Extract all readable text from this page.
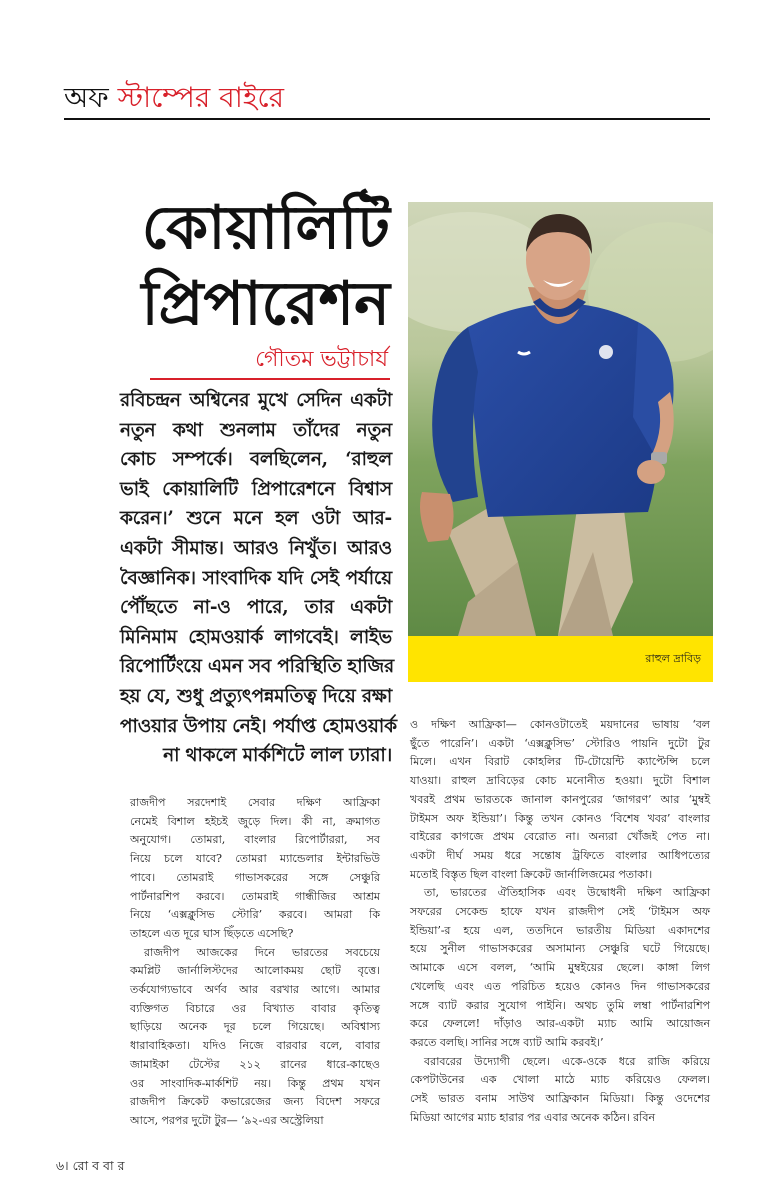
অফ স্টাম্পের বাইরে
কোয়ালিটি
প্রিপারেশন
গৌতম ভট্টাচার্য
রবিচন্দ্রন অশ্বিনের মুখে সেদিন একটা
নতুন কথা শুনলাম তাঁদের নতুন
কোচ সম্পর্কে। বলছিলেন, ‘রাহুল
ভাই কোয়ালিটি প্রিপারেশনে বিশ্বাস
করেন।’ শুনে মনে হল ওটা আর-
একটা সীমান্ত। আরও নিখুঁত। আরও
বৈজ্ঞানিক। সাংবাদিক যদি সেই পর্যায়ে
পৌঁছতে না-ও পারে, তার একটা
মিনিমাম হোমওয়ার্ক লাগবেই। লাইভ
রিপোর্টিংয়ে এমন সব পরিস্থিতি হাজির
হয় যে, শুধু প্রত্যুৎপন্নমতিত্ব দিয়ে রক্ষা
পাওয়ার উপায় নেই। পর্যাপ্ত হোমওয়ার্ক
না থাকলে মার্কশিটে লাল ঢ্যারা।
রাহুল দ্রাবিড়
রাজদীপ সরদেশাই সেবার দক্ষিণ আফ্রিকা
নেমেই বিশাল হইচই জুড়ে দিল। কী না, ক্রমাগত
অনুযোগ। তোমরা, বাংলার রিপোর্টাররা, সব
নিয়ে চলে যাবে? তোমরা ম্যান্ডেলার ইন্টারভিউ
পাবে। তোমরাই গাভাসকরের সঙ্গে সেঞ্চুরি
পার্টনারশিপ করবে। তোমরাই গান্ধীজির আশ্রম
নিয়ে ‘এক্সক্লুসিভ স্টোরি’ করবে। আমরা কি
তাহলে এত দূরে ঘাস ছিঁড়তে এসেছি?
রাজদীপ আজকের দিনে ভারতের সবচেয়ে
কমপ্লিট জার্নালিস্টদের আলোকময় ছোট বৃত্তে।
তর্কযোগ্যভাবে অর্ণব আর বরখার আগে। আমার
ব্যক্তিগত বিচারে ওর বিখ্যাত বাবার কৃতিত্ব
ছাড়িয়ে অনেক দূর চলে গিয়েছে। অবিশ্বাস্য
ধারাবাহিকতা। যদিও নিজে বারবার বলে, বাবার
জামাইকা টেস্টের ২১২ রানের ধারে-কাছেও
ওর সাংবাদিক-মার্কশিট নয়। কিন্তু প্রথম যখন
রাজদীপ ক্রিকেট কভারেজের জন্য বিদেশ সফরে
আসে, পরপর দুটো টুর— ‘৯২-এর অস্ট্রেলিয়া
ও দক্ষিণ আফ্রিকা— কোনওটাতেই ময়দানের ভাষায় ‘বল
ছুঁতে পারেনি’। একটা ‘এক্সক্লুসিভ’ স্টোরিও পায়নি দুটো টুর
মিলে। এখন বিরাট কোহলির টি-টোয়েন্টি ক্যাপ্টেন্সি চলে
যাওয়া। রাহুল দ্রাবিড়ের কোচ মনোনীত হওয়া। দুটো বিশাল
খবরই প্রথম ভারতকে জানাল কানপুরের ‘জাগরণ’ আর ‘মুম্বই
টাইমস অফ ইন্ডিয়া’। কিন্তু তখন কোনও ‘বিশেষ খবর’ বাংলার
বাইরের কাগজে প্রথম বেরোত না। অন্যরা খোঁজই পেত না।
একটা দীর্ঘ সময় ধরে সন্তোষ ট্রফিতে বাংলার আধিপত্যের
মতোই বিস্তৃত ছিল বাংলা ক্রিকেট জার্নালিজমের পতাকা।
তা, ভারতের ঐতিহাসিক এবং উদ্বোধনী দক্ষিণ আফ্রিকা
সফরের সেকেন্ড হাফে যখন রাজদীপ সেই ‘টাইমস অফ
ইন্ডিয়া’-র হয়ে এল, ততদিনে ভারতীয় মিডিয়া একাদশের
হয়ে সুনীল গাভাসকরের অসামান্য সেঞ্চুরি ঘটে গিয়েছে।
আমাকে এসে বলল, ‘আমি মুম্বইয়ের ছেলে। কাঙ্গা লিগ
খেলেছি এবং এত পরিচিত হয়েও কোনও দিন গাভাসকরের
সঙ্গে ব্যাট করার সুযোগ পাইনি। অথচ তুমি লম্বা পার্টনারশিপ
করে ফেললে! দাঁড়াও আর-একটা ম্যাচ আমি আয়োজন
করতে বলছি। সানির সঙ্গে ব্যাট আমি করবই।’
বরাবরের উদ্যোগী ছেলে। একে-ওকে ধরে রাজি করিয়ে
কেপটাউনের এক খোলা মাঠে ম্যাচ করিয়েও ফেলল।
সেই ভারত বনাম সাউথ আফ্রিকান মিডিয়া। কিন্তু ওদেশের
মিডিয়া আগের ম্যাচ হারার পর এবার অনেক কঠিন। রবিন
৬। রো ব বা র
